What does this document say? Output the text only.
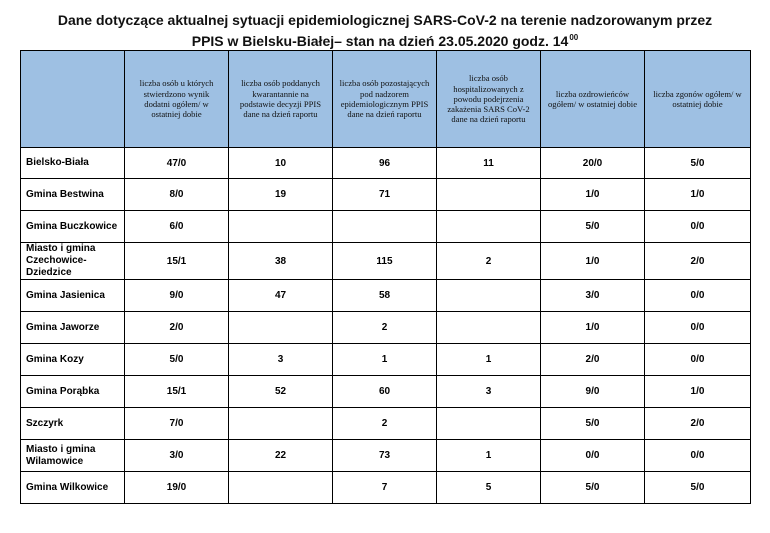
Dane dotyczące aktualnej sytuacji epidemiologicznej SARS-CoV-2 na terenie nadzorowanym przez
PPIS w Bielsku-Białej– stan na dzień 23.05.2020 godz. $14^{00}$
	liczba osób u których stwierdzono wynik dodatni ogółem/ w ostatniej dobie	liczba osób poddanych kwarantannie na podstawie decyzji PPIS dane na dzień raportu	liczba osób pozostających pod nadzorem epidemiologicznym PPIS dane na dzień raportu	liczba osób hospitalizowanych z powodu podejrzenia zakażenia SARS CoV-2 dane na dzień raportu	liczba ozdrowieńców ogółem/ w ostatniej dobie	liczba zgonów ogółem/ w ostatniej dobie
Bielsko-Biała	47/0	10	96	11	20/0	5/0
Gmina Bestwina	8/0	19	71		1/0	1/0
Gmina Buczkowice	6/0				5/0	0/0
Miasto i gmina Czechowice-Dziedzice	15/1	38	115	2	1/0	2/0
Gmina Jasienica	9/0	47	58		3/0	0/0
Gmina Jaworze	2/0		2		1/0	0/0
Gmina Kozy	5/0	3	1	1	2/0	0/0
Gmina Porąbka	15/1	52	60	3	9/0	1/0
Szczyrk	7/0		2		5/0	2/0
Miasto i gmina Wilamowice	3/0	22	73	1	0/0	0/0
Gmina Wilkowice	19/0		7	5	5/0	5/0
